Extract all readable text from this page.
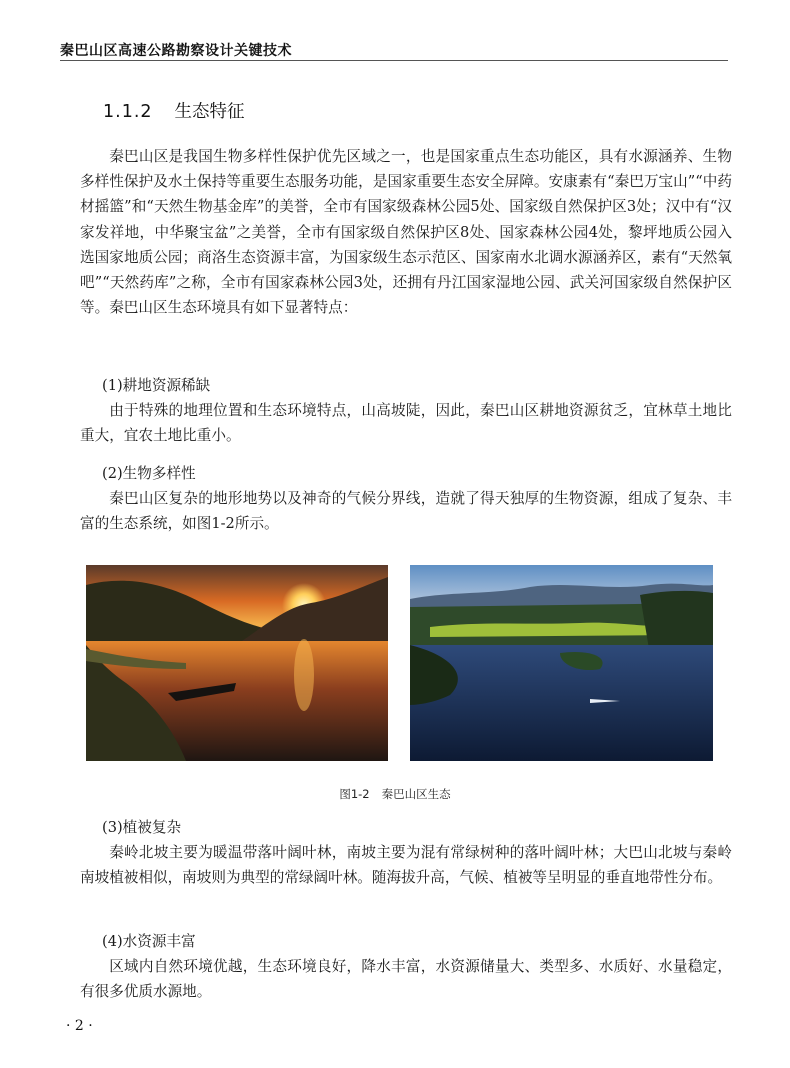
秦巴山区高速公路勘察设计关键技术
1.1.2 生态特征

秦巴山区是我国生物多样性保护优先区域之一，也是国家重点生态功能区，具有水源涵养、生物多样性保护及水土保持等重要生态服务功能，是国家重要生态安全屏障。安康素有“秦巴万宝山”“中药材摇篮”和“天然生物基金库”的美誉，全市有国家级森林公园5处、国家级自然保护区3处；汉中有“汉家发祥地，中华聚宝盆”之美誉，全市有国家级自然保护区8处、国家森林公园4处，黎坪地质公园入选国家地质公园；商洛生态资源丰富，为国家级生态示范区、国家南水北调水源涵养区，素有“天然氧吧”“天然药库”之称，全市有国家森林公园3处，还拥有丹江国家湿地公园、武关河国家级自然保护区等。秦巴山区生态环境具有如下显著特点：

(1)耕地资源稀缺

由于特殊的地理位置和生态环境特点，山高坡陡，因此，秦巴山区耕地资源贫乏，宜林草土地比重大，宜农土地比重小。

(2)生物多样性

秦巴山区复杂的地形地势以及神奇的气候分界线，造就了得天独厚的生物资源，组成了复杂、丰富的生态系统，如图1-2所示。

图1-2 秦巴山区生态

(3)植被复杂

秦岭北坡主要为暖温带落叶阔叶林，南坡主要为混有常绿树种的落叶阔叶林；大巴山北坡与秦岭南坡植被相似，南坡则为典型的常绿阔叶林。随海拔升高，气候、植被等呈明显的垂直地带性分布。

(4)水资源丰富

区域内自然环境优越，生态环境良好，降水丰富，水资源储量大、类型多、水质好、水量稳定，有很多优质水源地。

· 2 ·
